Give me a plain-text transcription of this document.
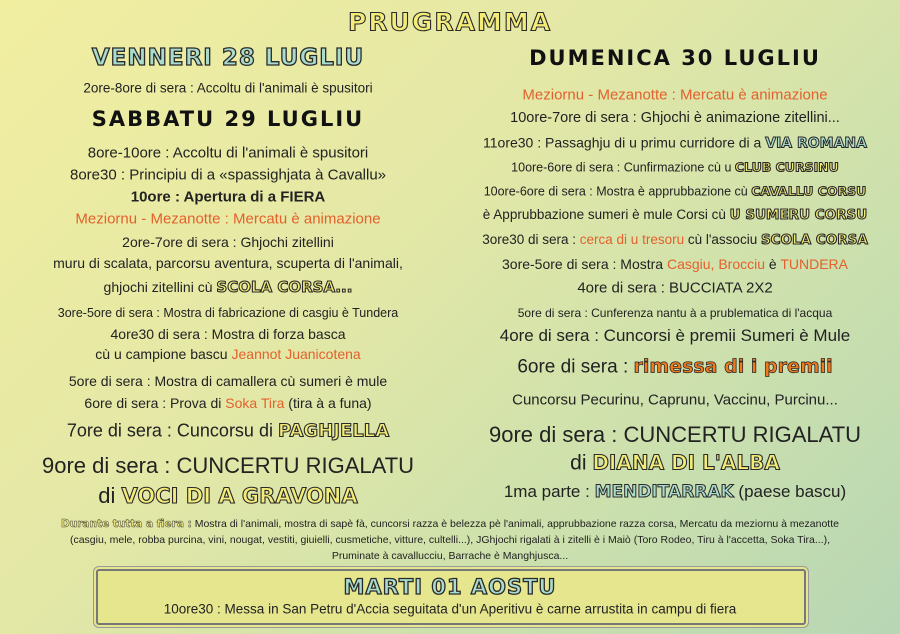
PRUGRAMMA
VENNERI 28 LUGLIU
2ore-8ore di sera : Accoltu di l'animali è spusitori
SABBATU 29 LUGLIU
8ore-10ore : Accoltu di l'animali è spusitori
8ore30 : Principiu di a «spassighjata à Cavallu»
10ore : Apertura di a FIERA
Meziornu - Mezanotte : Mercatu è animazione
2ore-7ore di sera : Ghjochi zitellini
muru di scalata, parcorsu aventura, scuperta di l'animali,
ghjochi zitellini cù SCOLA CORSA...
3ore-5ore di sera : Mostra di fabricazione di casgiu è Tundera
4ore30 di sera : Mostra di forza basca
cù u campione bascu Jeannot Juanicotena
5ore di sera : Mostra di camallera cù sumeri è mule
6ore di sera : Prova di Soka Tira (tira à a funa)
7ore di sera : Cuncorsu di PAGHJELLA
9ore di sera : CUNCERTU RIGALATU
di VOCI DI A GRAVONA
DUMENICA 30 LUGLIU
Meziornu - Mezanotte : Mercatu è animazione
10ore-7ore di sera : Ghjochi è animazione zitellini...
11ore30 : Passaghju di u primu curridore di a VIA ROMANA
10ore-6ore di sera : Cunfirmazione cù u CLUB CURSINU
10ore-6ore di sera : Mostra è apprubbazione cù CAVALLU CORSU
è Apprubbazione sumeri è mule Corsi cù U SUMERU CORSU
3ore30 di sera : cerca di u tresoru cù l'associu SCOLA CORSA
3ore-5ore di sera : Mostra Casgiu, Brocciu è TUNDERA
4ore di sera : BUCCIATA 2X2
5ore di sera : Cunferenza nantu à a prublematica di l'acqua
4ore di sera : Cuncorsi è premii Sumeri è Mule
6ore di sera : rimessa di i premii
Cuncorsu Pecurinu, Caprunu, Vaccinu, Purcinu...
9ore di sera : CUNCERTU RIGALATU
di DIANA DI L'ALBA
1ma parte : MENDITARRAK (paese bascu)
Durante tutta a fiera : Mostra di l'animali, mostra di sapè fà, cuncorsi razza è belezza pè l'animali, apprubbazione razza corsa, Mercatu da meziornu à mezanotte
(casgiu, mele, robba purcina, vini, nougat, vestiti, giuielli, cusmetiche, vitture, cultelli...), JGhjochi rigalati à i zitelli è i Maiò (Toro Rodeo, Tiru à l'accetta, Soka Tira...),
Pruminate à cavallucciu, Barrache è Manghjusca...
MARTI 01 AOSTU
10ore30 : Messa in San Petru d'Accia seguitata d'un Aperitivu è carne arrustita in campu di fiera
